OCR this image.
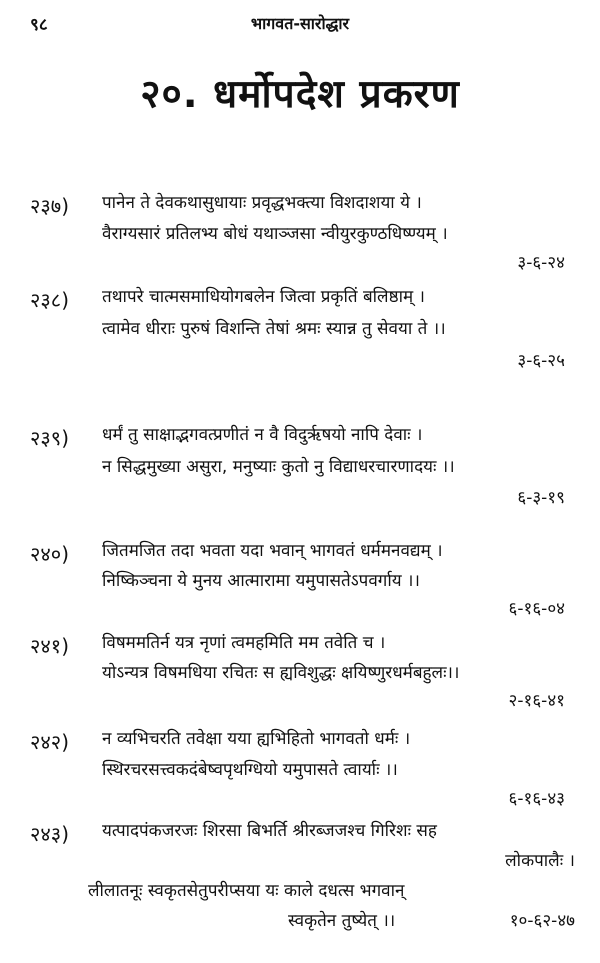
९८	भागवत-सारोद्धार
२०. धर्मोपदेश प्रकरण
२३७) पानेन ते देवकथासुधायाः प्रवृद्धभक्त्या विशदाशया ये ।
वैराग्यसारं प्रतिलभ्य बोधं यथाञ्जसा न्वीयुरकुण्ठधिष्ण्यम् ।
३-६-२४
२३८) तथापरे चात्मसमाधियोगबलेन जित्वा प्रकृतिं बलिष्ठाम् ।
त्वामेव धीराः पुरुषं विशन्ति तेषां श्रमः स्यान्न तु सेवया ते ।।
३-६-२५
२३९) धर्मं तु साक्षाद्भगवत्प्रणीतं न वै विदुर्ऋषयो नापि देवाः ।
न सिद्धमुख्या असुरा, मनुष्याः कुतो नु विद्याधरचारणादयः ।।
६-३-१९
२४०) जितमजित तदा भवता यदा भवान् भागवतं धर्ममनवद्यम् ।
निष्किञ्चना ये मुनय आत्मारामा यमुपासतेऽपवर्गाय ।।
६-१६-०४
२४१) विषममतिर्न यत्र नृणां त्वमहमिति मम तवेति च ।
योऽन्यत्र विषमधिया रचितः स ह्यविशुद्धः क्षयिष्णुरधर्मबहुलः।।
२-१६-४१
२४२) न व्यभिचरति तवेक्षा यया ह्यभिहितो भागवतो धर्मः ।
स्थिरचरसत्त्वकदंबेष्वपृथग्धियो यमुपासते त्वार्याः ।।
६-१६-४३
२४३) यत्पादपंकजरजः शिरसा बिभर्ति श्रीरब्जजश्च गिरिशः सह
लोकपालैः ।
लीलातनूः स्वकृतसेतुपरीप्सया यः काले दधत्स भगवान्
स्वकृतेन तुष्येत् ।।	१०-६२-४७
